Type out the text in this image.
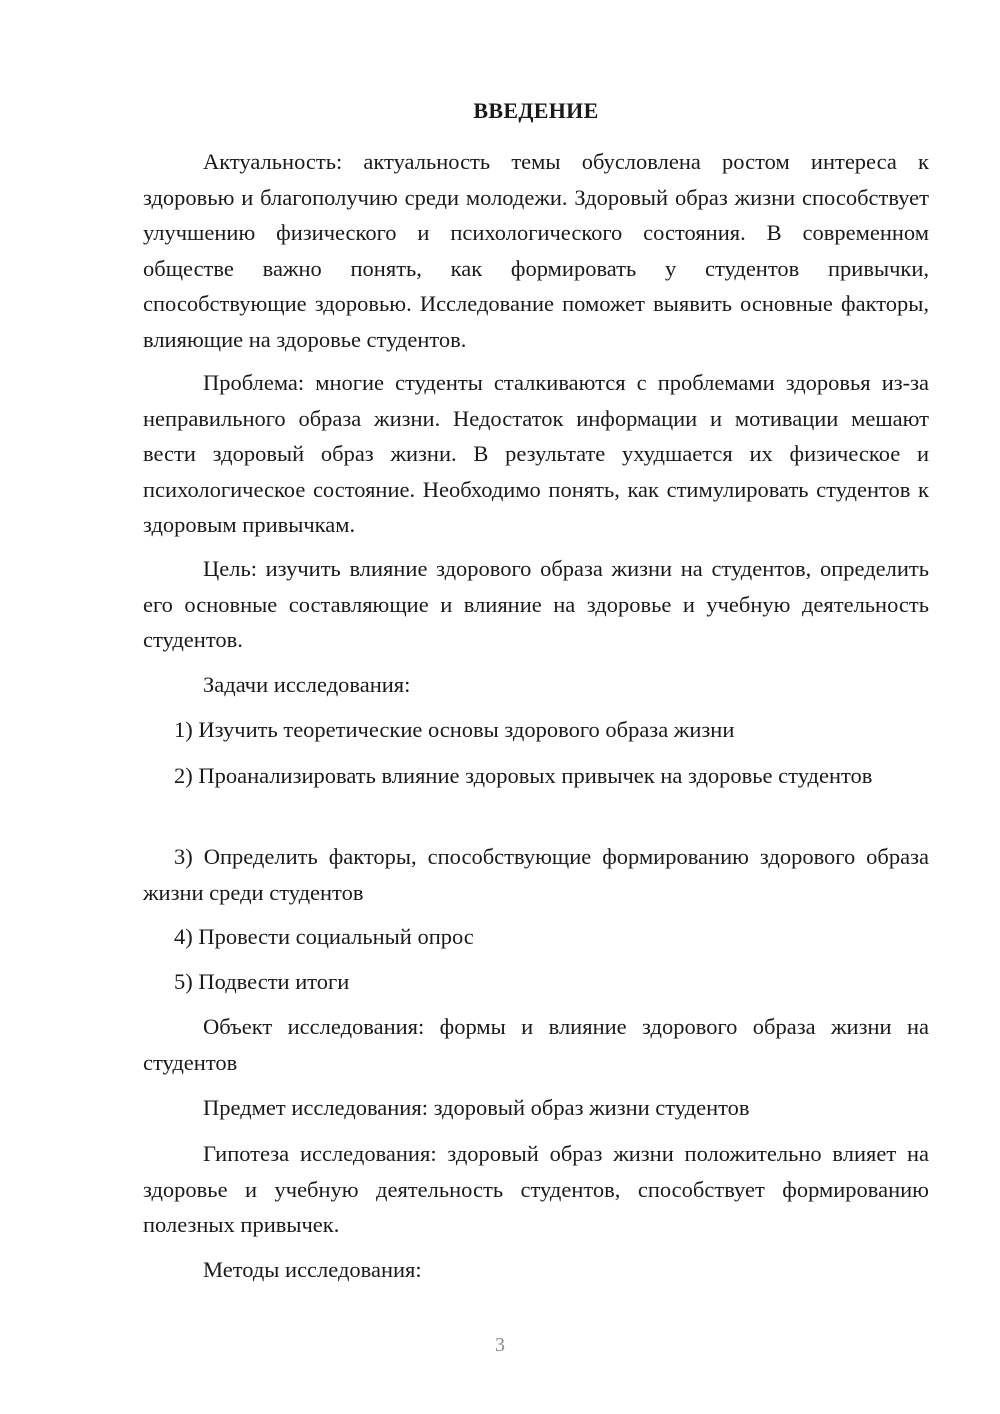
ВВЕДЕНИЕ

Актуальность: актуальность темы обусловлена ростом интереса к здоровью и благополучию среди молодежи. Здоровый образ жизни способствует улучшению физического и психологического состояния. В современном обществе важно понять, как формировать у студентов привычки, способствующие здоровью. Исследование поможет выявить основные факторы, влияющие на здоровье студентов.

Проблема: многие студенты сталкиваются с проблемами здоровья из-за неправильного образа жизни. Недостаток информации и мотивации мешают вести здоровый образ жизни. В результате ухудшается их физическое и психологическое состояние. Необходимо понять, как стимулировать студентов к здоровым привычкам.

Цель: изучить влияние здорового образа жизни на студентов, определить его основные составляющие и влияние на здоровье и учебную деятельность студентов.

Задачи исследования:

1) Изучить теоретические основы здорового образа жизни

2) Проанализировать влияние здоровых привычек на здоровье студентов

3) Определить факторы, способствующие формированию здорового образа жизни среди студентов

4) Провести социальный опрос

5) Подвести итоги

Объект исследования: формы и влияние здорового образа жизни на студентов

Предмет исследования: здоровый образ жизни студентов

Гипотеза исследования: здоровый образ жизни положительно влияет на здоровье и учебную деятельность студентов, способствует формированию полезных привычек.

Методы исследования:

3
